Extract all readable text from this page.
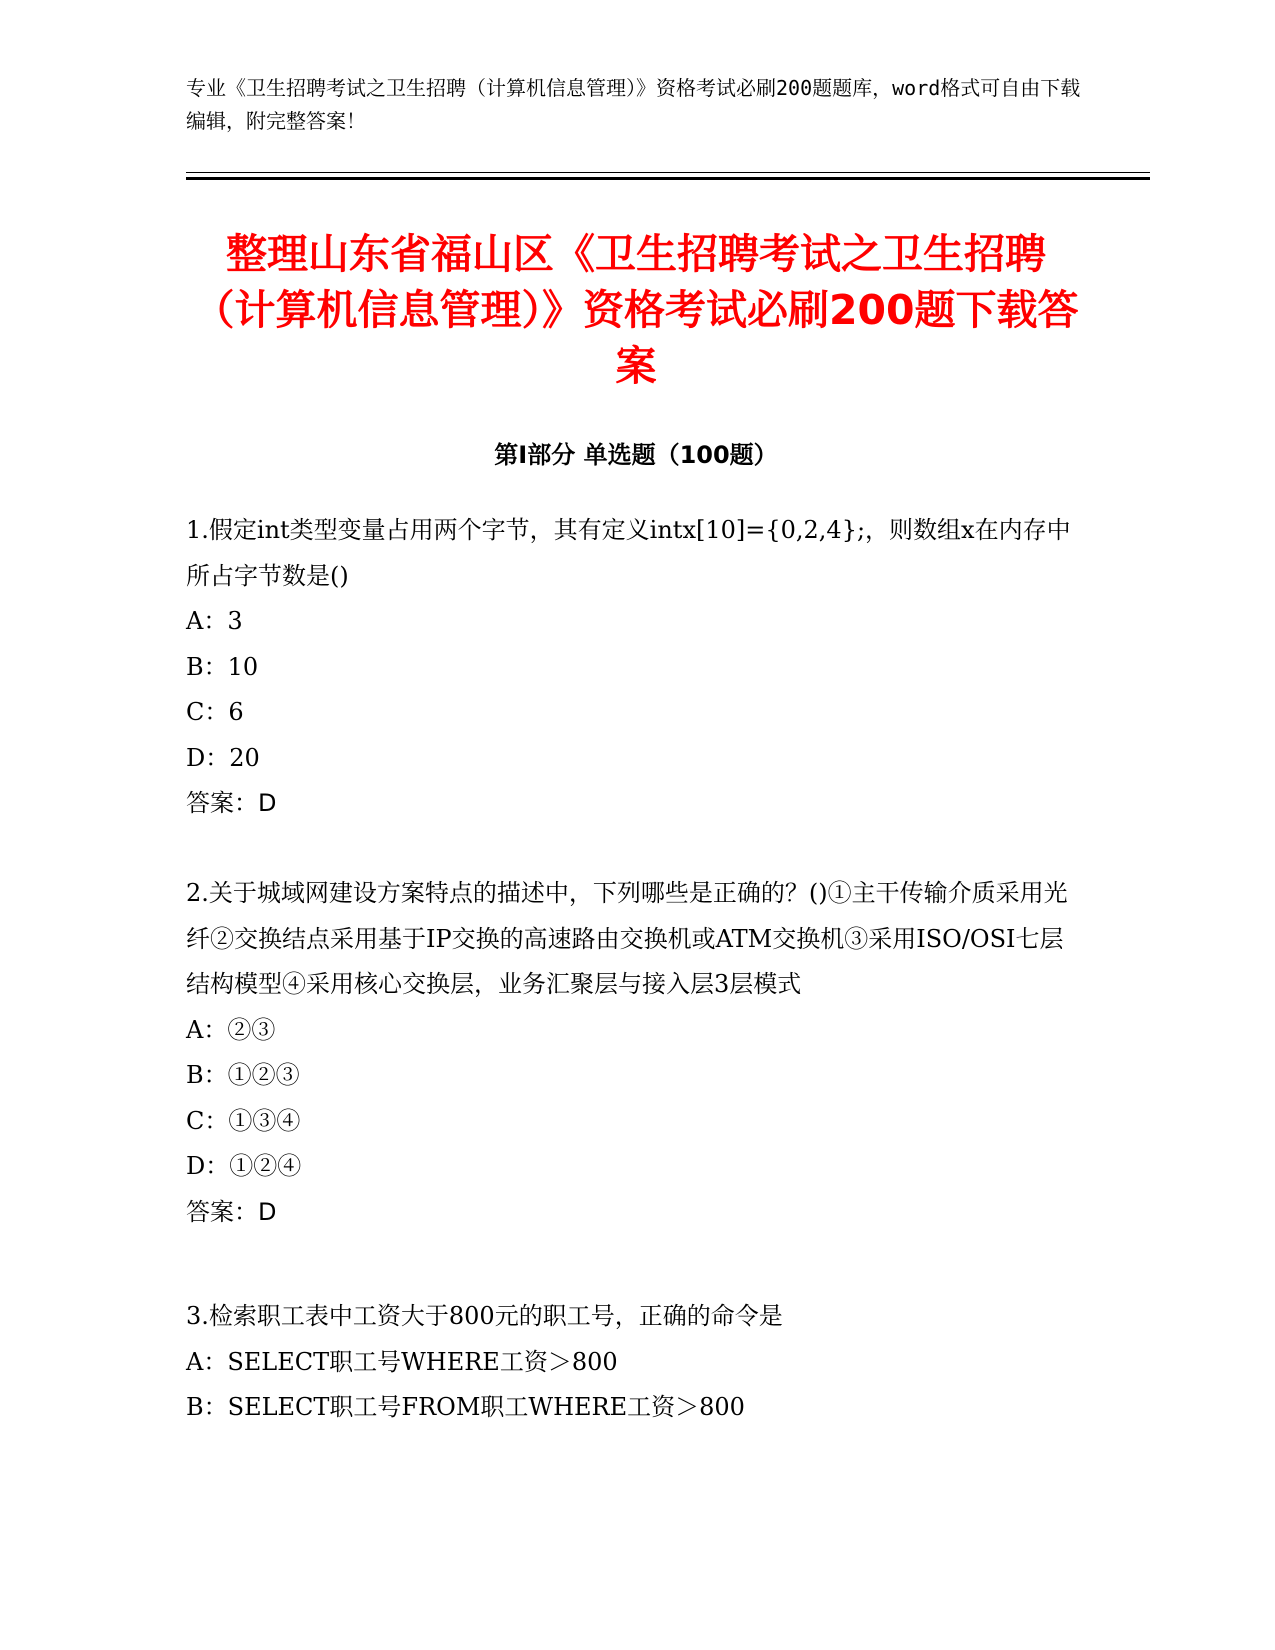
专业《卫生招聘考试之卫生招聘（计算机信息管理）》资格考试必刷200题题库，word格式可自由下载编辑，附完整答案！
整理山东省福山区《卫生招聘考试之卫生招聘（计算机信息管理）》资格考试必刷200题下载答案
第Ⅰ部分 单选题（100题）

1.假定int类型变量占用两个字节，其有定义intx[10]={0,2,4};，则数组x在内存中所占字节数是()

A：3

B：10

C：6

D：20

答案：D

2.关于城域网建设方案特点的描述中，下列哪些是正确的？()①主干传输介质采用光纤②交换结点采用基于IP交换的高速路由交换机或ATM交换机③采用ISO/OSI七层结构模型④采用核心交换层，业务汇聚层与接入层3层模式

A：②③

B：①②③

C：①③④

D：①②④

答案：D

3.检索职工表中工资大于800元的职工号，正确的命令是

A：SELECT职工号WHERE工资＞800

B：SELECT职工号FROM职工WHERE工资＞800
